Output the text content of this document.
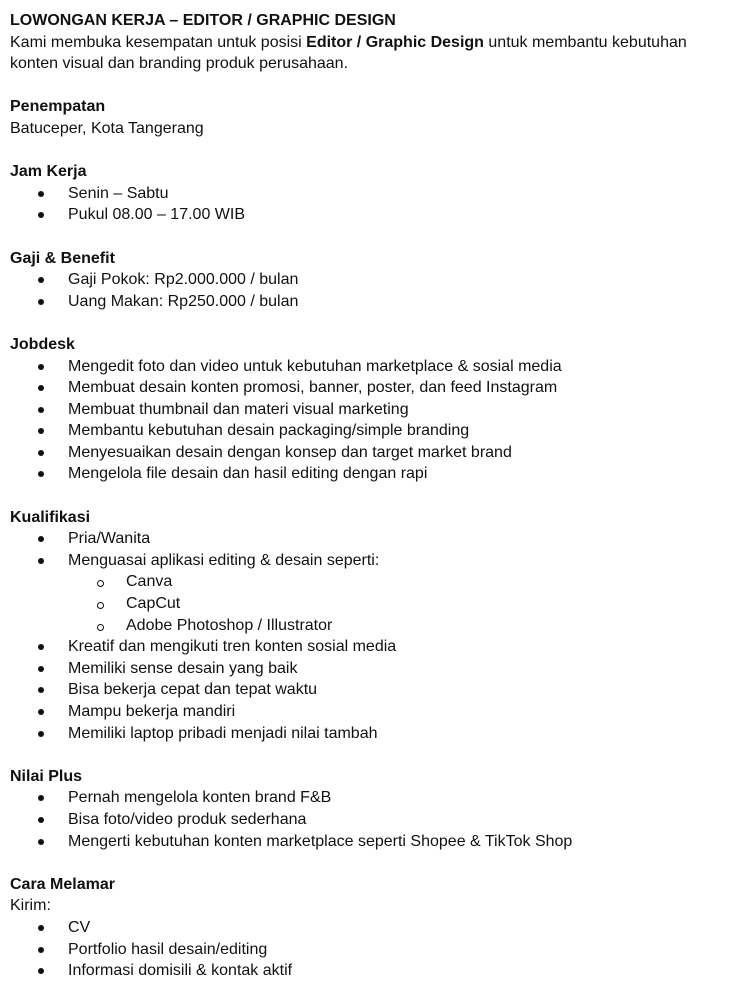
LOWONGAN KERJA – EDITOR / GRAPHIC DESIGN

Kami membuka kesempatan untuk posisi Editor / Graphic Design untuk membantu kebutuhan
konten visual dan branding produk perusahaan.

Penempatan

Batuceper, Kota Tangerang

Jam Kerja

Senin – Sabtu
Pukul 08.00 – 17.00 WIB

Gaji & Benefit

Gaji Pokok: Rp2.000.000 / bulan
Uang Makan: Rp250.000 / bulan

Jobdesk

Mengedit foto dan video untuk kebutuhan marketplace & sosial media
Membuat desain konten promosi, banner, poster, dan feed Instagram
Membuat thumbnail dan materi visual marketing
Membantu kebutuhan desain packaging/simple branding
Menyesuaikan desain dengan konsep dan target market brand
Mengelola file desain dan hasil editing dengan rapi

Kualifikasi

Pria/Wanita
Menguasai aplikasi editing & desain seperti:
Canva
CapCut
Adobe Photoshop / Illustrator
Kreatif dan mengikuti tren konten sosial media
Memiliki sense desain yang baik
Bisa bekerja cepat dan tepat waktu
Mampu bekerja mandiri
Memiliki laptop pribadi menjadi nilai tambah

Nilai Plus

Pernah mengelola konten brand F&B
Bisa foto/video produk sederhana
Mengerti kebutuhan konten marketplace seperti Shopee & TikTok Shop

Cara Melamar

Kirim:

CV
Portfolio hasil desain/editing
Informasi domisili & kontak aktif
